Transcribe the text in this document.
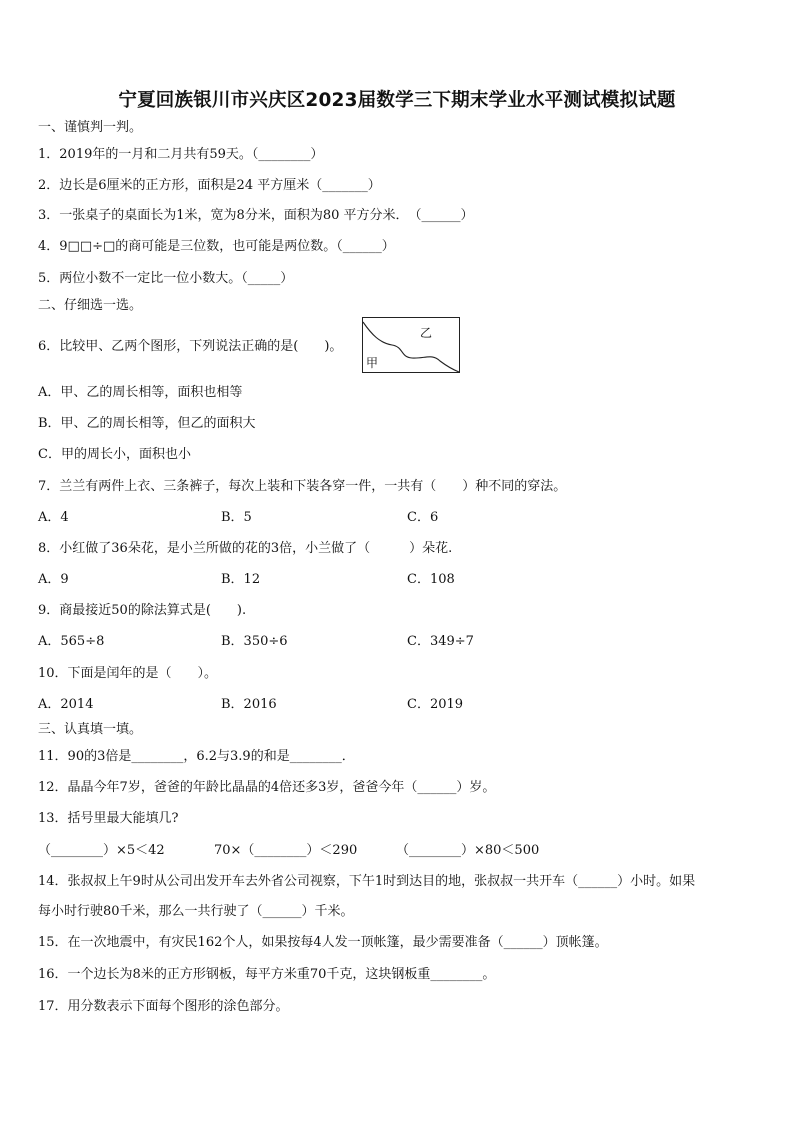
宁夏回族银川市兴庆区2023届数学三下期末学业水平测试模拟试题
一、谨慎判一判。
1．2019年的一月和二月共有59天。（________）
2．边长是6厘米的正方形，面积是24 平方厘米（_______）
3．一张桌子的桌面长为1米，宽为8分米，面积为80 平方分米．　（______）
4．9□□÷□的商可能是三位数，也可能是两位数。（______）
5．两位小数不一定比一位小数大。（_____）
二、仔细选一选。
6．比较甲、乙两个图形，下列说法正确的是(　　)。
乙
甲
A．甲、乙的周长相等，面积也相等
B．甲、乙的周长相等，但乙的面积大
C．甲的周长小，面积也小
7．兰兰有两件上衣、三条裤子，每次上装和下装各穿一件，一共有（　　）种不同的穿法。
A．4	B．5	C．6
8．小红做了36朵花，是小兰所做的花的3倍，小兰做了（　　　）朵花.
A．9	B．12	C．108
9．商最接近50的除法算式是(　　).
A．565÷8	B．350÷6	C．349÷7
10．下面是闰年的是（　　）。
A．2014	B．2016	C．2019
三、认真填一填。
11．90的3倍是________，6.2与3.9的和是________．
12．晶晶今年7岁，爸爸的年龄比晶晶的4倍还多3岁，爸爸今年（______）岁。
13．括号里最大能填几?
（________）×5＜42	70×（________）＜290	（________）×80＜500
14．张叔叔上午9时从公司出发开车去外省公司视察，下午1时到达目的地，张叔叔一共开车（______）小时。如果
每小时行驶80千米，那么一共行驶了（______）千米。
15．在一次地震中，有灾民162个人，如果按每4人发一顶帐篷，最少需要准备（______）顶帐篷。
16．一个边长为8米的正方形钢板，每平方米重70千克，这块钢板重________。
17．用分数表示下面每个图形的涂色部分。
